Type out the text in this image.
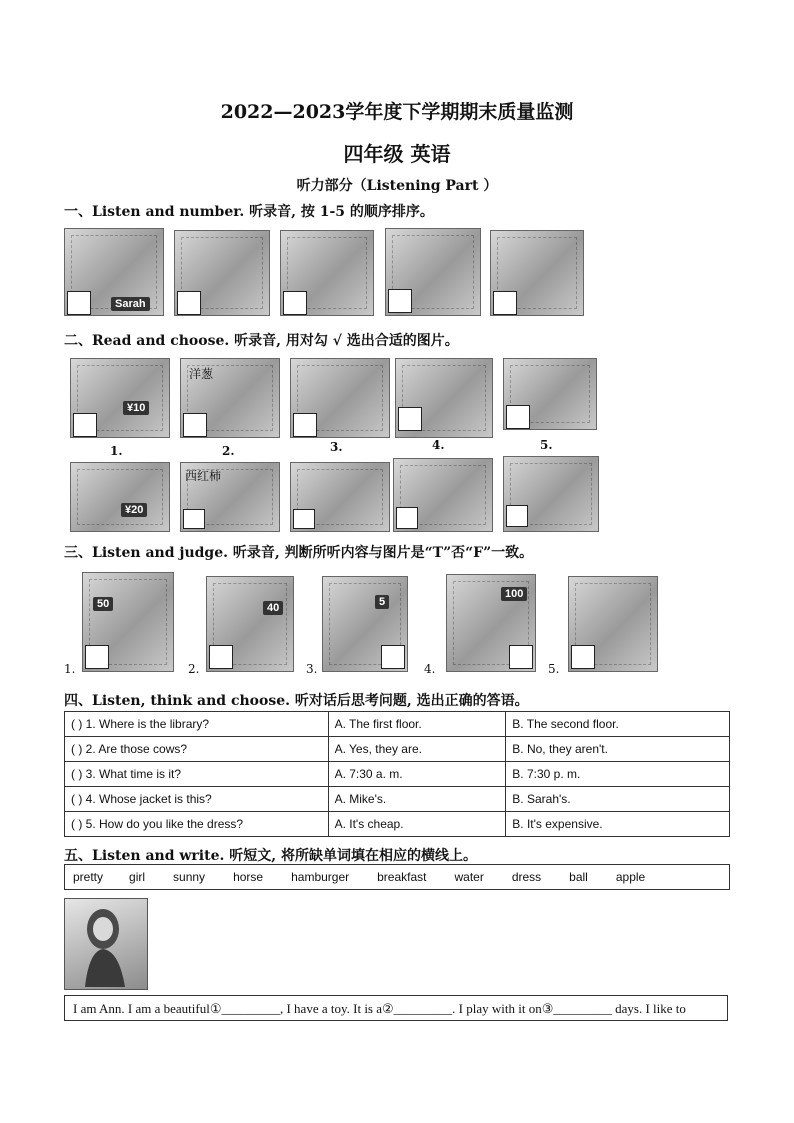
2022—2023学年度下学期期末质量监测
四年级 英语
听力部分（Listening Part ）
一、Listen and number. 听录音, 按 1-5 的顺序排序。
Sarah
二、Read and choose. 听录音, 用对勾 √ 选出合适的图片。
¥10
洋葱
1.	2.	3.	4.	5.
¥20
西红柿
三、Listen and judge. 听录音, 判断所听内容与图片是“T”否“F”一致。
1.
50
2.
40
3.
5
4.
100
5.
四、Listen, think and choose. 听对话后思考问题, 选出正确的答语。
( ) 1. Where is the library?	A. The first floor.	B. The second floor.
( ) 2. Are those cows?	A. Yes, they are.	B. No, they aren't.
( ) 3. What time is it?	A. 7:30 a. m.	B. 7:30 p. m.
( ) 4. Whose jacket is this?	A. Mike's.	B. Sarah's.
( ) 5. How do you like the dress?	A. It's cheap.	B. It's expensive.
五、Listen and write. 听短文, 将所缺单词填在相应的横线上。
pretty girl sunny horse hamburger breakfast water dress ball apple
I am Ann. I am a beautiful①_________, I have a toy. It is a②_________. I play with it on③_________ days. I like to
